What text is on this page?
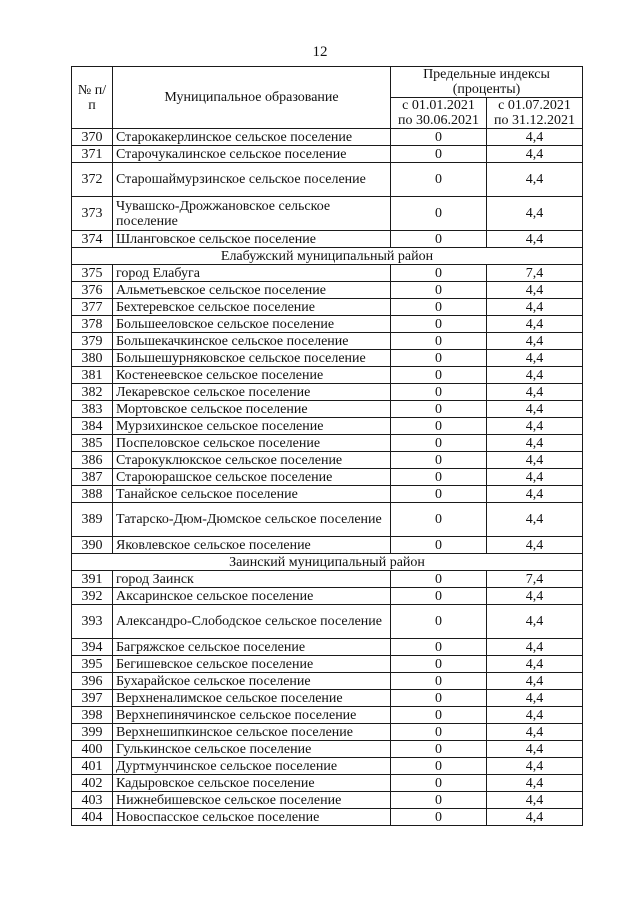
12
№ п/п	Муниципальное образование	Предельные индексы (проценты)	
		с 01.01.2021 по 30.06.2021	с 01.07.2021 по 31.12.2021
370	Старокакерлинское сельское поселение	0	4,4
371	Старочукалинское сельское поселение	0	4,4
372	Старошаймурзинское сельское поселение	0	4,4
373	Чувашско-Дрожжановское сельское поселение	0	4,4
374	Шланговское сельское поселение	0	4,4
Елабужский муниципальный район			
375	город Елабуга	0	7,4
376	Альметьевское сельское поселение	0	4,4
377	Бехтеревское сельское поселение	0	4,4
378	Большееловское сельское поселение	0	4,4
379	Большекачкинское сельское поселение	0	4,4
380	Большешурняковское сельское поселение	0	4,4
381	Костенеевское сельское поселение	0	4,4
382	Лекаревское сельское поселение	0	4,4
383	Мортовское сельское поселение	0	4,4
384	Мурзихинское сельское поселение	0	4,4
385	Поспеловское сельское поселение	0	4,4
386	Старокуклюкское сельское поселение	0	4,4
387	Староюрашское сельское поселение	0	4,4
388	Танайское сельское поселение	0	4,4
389	Татарско-Дюм-Дюмское сельское поселение	0	4,4
390	Яковлевское сельское поселение	0	4,4
Заинский муниципальный район			
391	город Заинск	0	7,4
392	Аксаринское сельское поселение	0	4,4
393	Александро-Слободское сельское поселение	0	4,4
394	Багряжское сельское поселение	0	4,4
395	Бегишевское сельское поселение	0	4,4
396	Бухарайское сельское поселение	0	4,4
397	Верхненалимское сельское поселение	0	4,4
398	Верхнепинячинское сельское поселение	0	4,4
399	Верхнешипкинское сельское поселение	0	4,4
400	Гулькинское сельское поселение	0	4,4
401	Дуртмунчинское сельское поселение	0	4,4
402	Кадыровское сельское поселение	0	4,4
403	Нижнебишевское сельское поселение	0	4,4
404	Новоспасское сельское поселение	0	4,4
